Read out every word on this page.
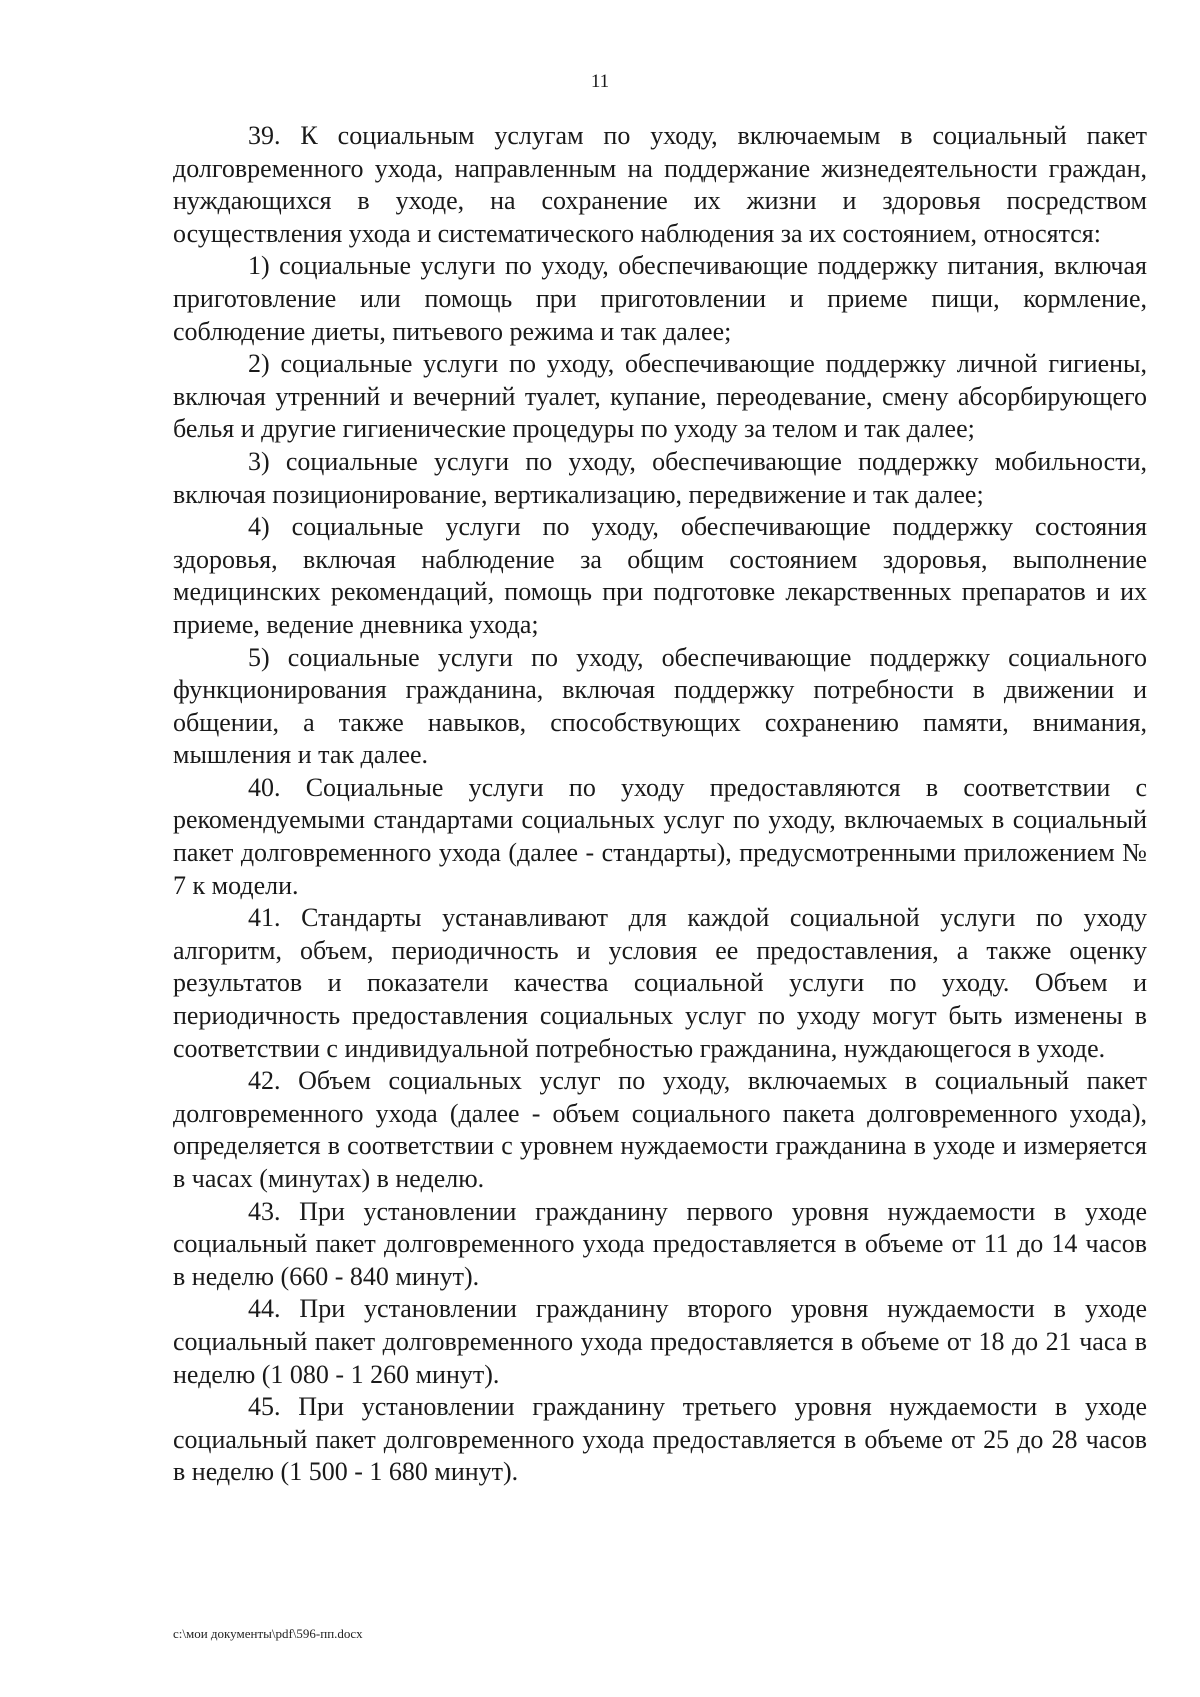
11

39. К социальным услугам по уходу, включаемым в социальный пакет долговременного ухода, направленным на поддержание жизнедеятельности граждан, нуждающихся в уходе, на сохранение их жизни и здоровья посредством осуществления ухода и систематического наблюдения за их состоянием, относятся:

1) социальные услуги по уходу, обеспечивающие поддержку питания, включая приготовление или помощь при приготовлении и приеме пищи, кормление, соблюдение диеты, питьевого режима и так далее;

2) социальные услуги по уходу, обеспечивающие поддержку личной гигиены, включая утренний и вечерний туалет, купание, переодевание, смену абсорбирующего белья и другие гигиенические процедуры по уходу за телом и так далее;

3) социальные услуги по уходу, обеспечивающие поддержку мобильности, включая позиционирование, вертикализацию, передвижение и так далее;

4) социальные услуги по уходу, обеспечивающие поддержку состояния здоровья, включая наблюдение за общим состоянием здоровья, выполнение медицинских рекомендаций, помощь при подготовке лекарственных препаратов и их приеме, ведение дневника ухода;

5) социальные услуги по уходу, обеспечивающие поддержку социального функционирования гражданина, включая поддержку потребности в движении и общении, а также навыков, способствующих сохранению памяти, внимания, мышления и так далее.

40. Социальные услуги по уходу предоставляются в соответствии с рекомендуемыми стандартами социальных услуг по уходу, включаемых в социальный пакет долговременного ухода (далее - стандарты), предусмотренными приложением № 7 к модели.

41. Стандарты устанавливают для каждой социальной услуги по уходу алгоритм, объем, периодичность и условия ее предоставления, а также оценку результатов и показатели качества социальной услуги по уходу. Объем и периодичность предоставления социальных услуг по уходу могут быть изменены в соответствии с индивидуальной потребностью гражданина, нуждающегося в уходе.

42. Объем социальных услуг по уходу, включаемых в социальный пакет долговременного ухода (далее - объем социального пакета долговременного ухода), определяется в соответствии с уровнем нуждаемости гражданина в уходе и измеряется в часах (минутах) в неделю.

43. При установлении гражданину первого уровня нуждаемости в уходе социальный пакет долговременного ухода предоставляется в объеме от 11 до 14 часов в неделю (660 - 840 минут).

44. При установлении гражданину второго уровня нуждаемости в уходе социальный пакет долговременного ухода предоставляется в объеме от 18 до 21 часа в неделю (1 080 - 1 260 минут).

45. При установлении гражданину третьего уровня нуждаемости в уходе социальный пакет долговременного ухода предоставляется в объеме от 25 до 28 часов в неделю (1 500 - 1 680 минут).

c:\мои документы\pdf\596-пп.docx
